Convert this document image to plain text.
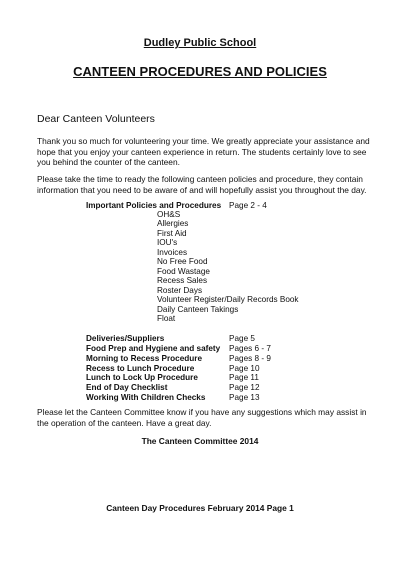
Dudley Public School

CANTEEN PROCEDURES AND POLICIES

Dear Canteen Volunteers

Thank you so much for volunteering your time. We greatly appreciate your assistance and hope that you enjoy your canteen experience in return. The students certainly love to see you behind the counter of the canteen.

Please take the time to ready the following canteen policies and procedure, they contain information that you need to be aware of and will hopefully assist you throughout the day.

Important Policies and Procedures Page 2 - 4
OH&S
Allergies
First Aid
IOU's
Invoices
No Free Food
Food Wastage
Recess Sales
Roster Days
Volunteer Register/Daily Records Book
Daily Canteen Takings
Float
Deliveries/Suppliers	Page 5
Food Prep and Hygiene and safety Pages 6 - 7
Morning to Recess Procedure	Pages 8 - 9
Recess to Lunch Procedure	Page 10
Lunch to Lock Up Procedure	Page 11
End of Day Checklist	Page 12
Working With Children Checks	Page 13

Please let the Canteen Committee know if you have any suggestions which may assist in the operation of the canteen. Have a great day.

The Canteen Committee 2014

Canteen Day Procedures February 2014 Page 1
